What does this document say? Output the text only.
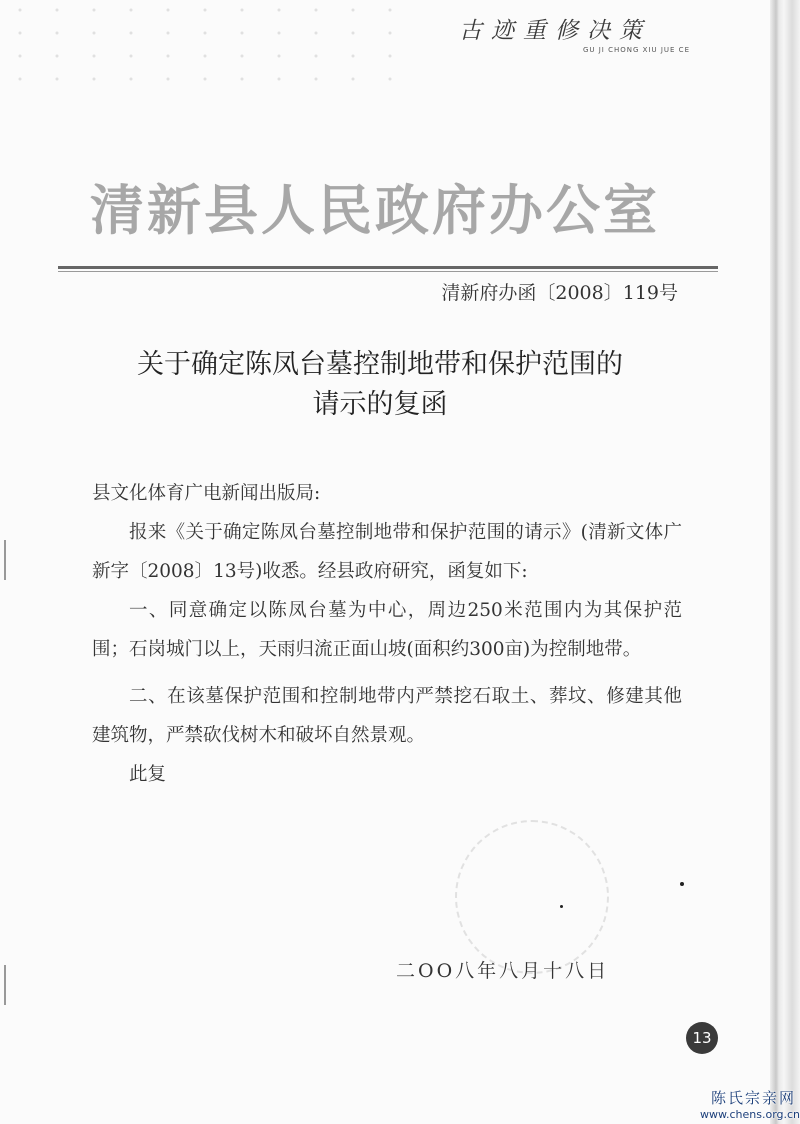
古迹重修决策
GU JI CHONG XIU JUE CE
清新县人民政府办公室
清新府办函〔2008〕119号
关于确定陈凤台墓控制地带和保护范围的
请示的复函

县文化体育广电新闻出版局:

报来《关于确定陈凤台墓控制地带和保护范围的请示》(清新文体广新字〔2008〕13号)收悉。经县政府研究，函复如下:

一、同意确定以陈凤台墓为中心，周边250米范围内为其保护范围；石岗城门以上，天雨归流正面山坡(面积约300亩)为控制地带。

二、在该墓保护范围和控制地带内严禁挖石取土、葬坟、修建其他建筑物，严禁砍伐树木和破坏自然景观。

此复

二OO八年八月十八日
13
陈氏宗亲网
www.chens.org.cn
